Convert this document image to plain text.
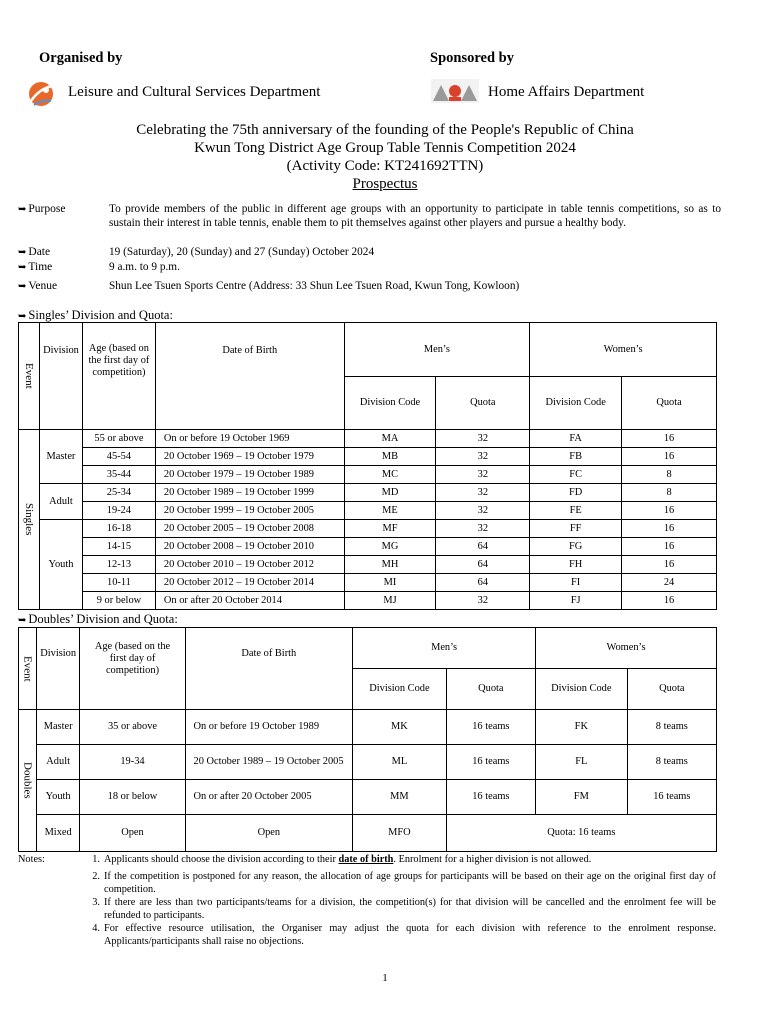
Organised by	Sponsored by
Leisure and Cultural Services Department	Home Affairs Department
Celebrating the 75th anniversary of the founding of the People's Republic of China
Kwun Tong District Age Group Table Tennis Competition 2024
(Activity Code: KT241692TTN)
Prospectus
➥ Purpose	To provide members of the public in different age groups with an opportunity to participate in table tennis competitions, so as to sustain their interest in table tennis, enable them to pit themselves against other players and pursue a healthy body.
➥ Date	19 (Saturday), 20 (Sunday) and 27 (Sunday) October 2024
➥ Time	9 a.m. to 9 p.m.
➥ Venue	Shun Lee Tsuen Sports Centre (Address: 33 Shun Lee Tsuen Road, Kwun Tong, Kowloon)
➥ Singles’ Division and Quota:
Event	Division	Age (based on the first day of competition)	Date of Birth	Men’s		Women’s	
				Division Code	Quota	Division Code	Quota
Singles	Master	55 or above	On or before 19 October 1969	MA	32	FA	16
		45-54	20 October 1969 – 19 October 1979	MB	32	FB	16
		35-44	20 October 1979 – 19 October 1989	MC	32	FC	8
	Adult	25-34	20 October 1989 – 19 October 1999	MD	32	FD	8
		19-24	20 October 1999 – 19 October 2005	ME	32	FE	16
	Youth	16-18	20 October 2005 – 19 October 2008	MF	32	FF	16
		14-15	20 October 2008 – 19 October 2010	MG	64	FG	16
		12-13	20 October 2010 – 19 October 2012	MH	64	FH	16
		10-11	20 October 2012 – 19 October 2014	MI	64	FI	24
		9 or below	On or after 20 October 2014	MJ	32	FJ	16
➥ Doubles’ Division and Quota:
Event	Division	Age (based on the first day of competition)	Date of Birth	Men’s		Women’s	
				Division Code	Quota	Division Code	Quota
Doubles	Master	35 or above	On or before 19 October 1989	MK	16 teams	FK	8 teams
	Adult	19-34	20 October 1989 – 19 October 2005	ML	16 teams	FL	8 teams
	Youth	18 or below	On or after 20 October 2005	MM	16 teams	FM	16 teams
	Mixed	Open	Open	MFO	Quota: 16 teams		
Notes:	1. Applicants should choose the division according to their date of birth. Enrolment for a higher division is not allowed.
2. If the competition is postponed for any reason, the allocation of age groups for participants will be based on their age on the original first day of competition.
3. If there are less than two participants/teams for a division, the competition(s) for that division will be cancelled and the enrolment fee will be refunded to participants.
4. For effective resource utilisation, the Organiser may adjust the quota for each division with reference to the enrolment response. Applicants/participants shall raise no objections.
1
